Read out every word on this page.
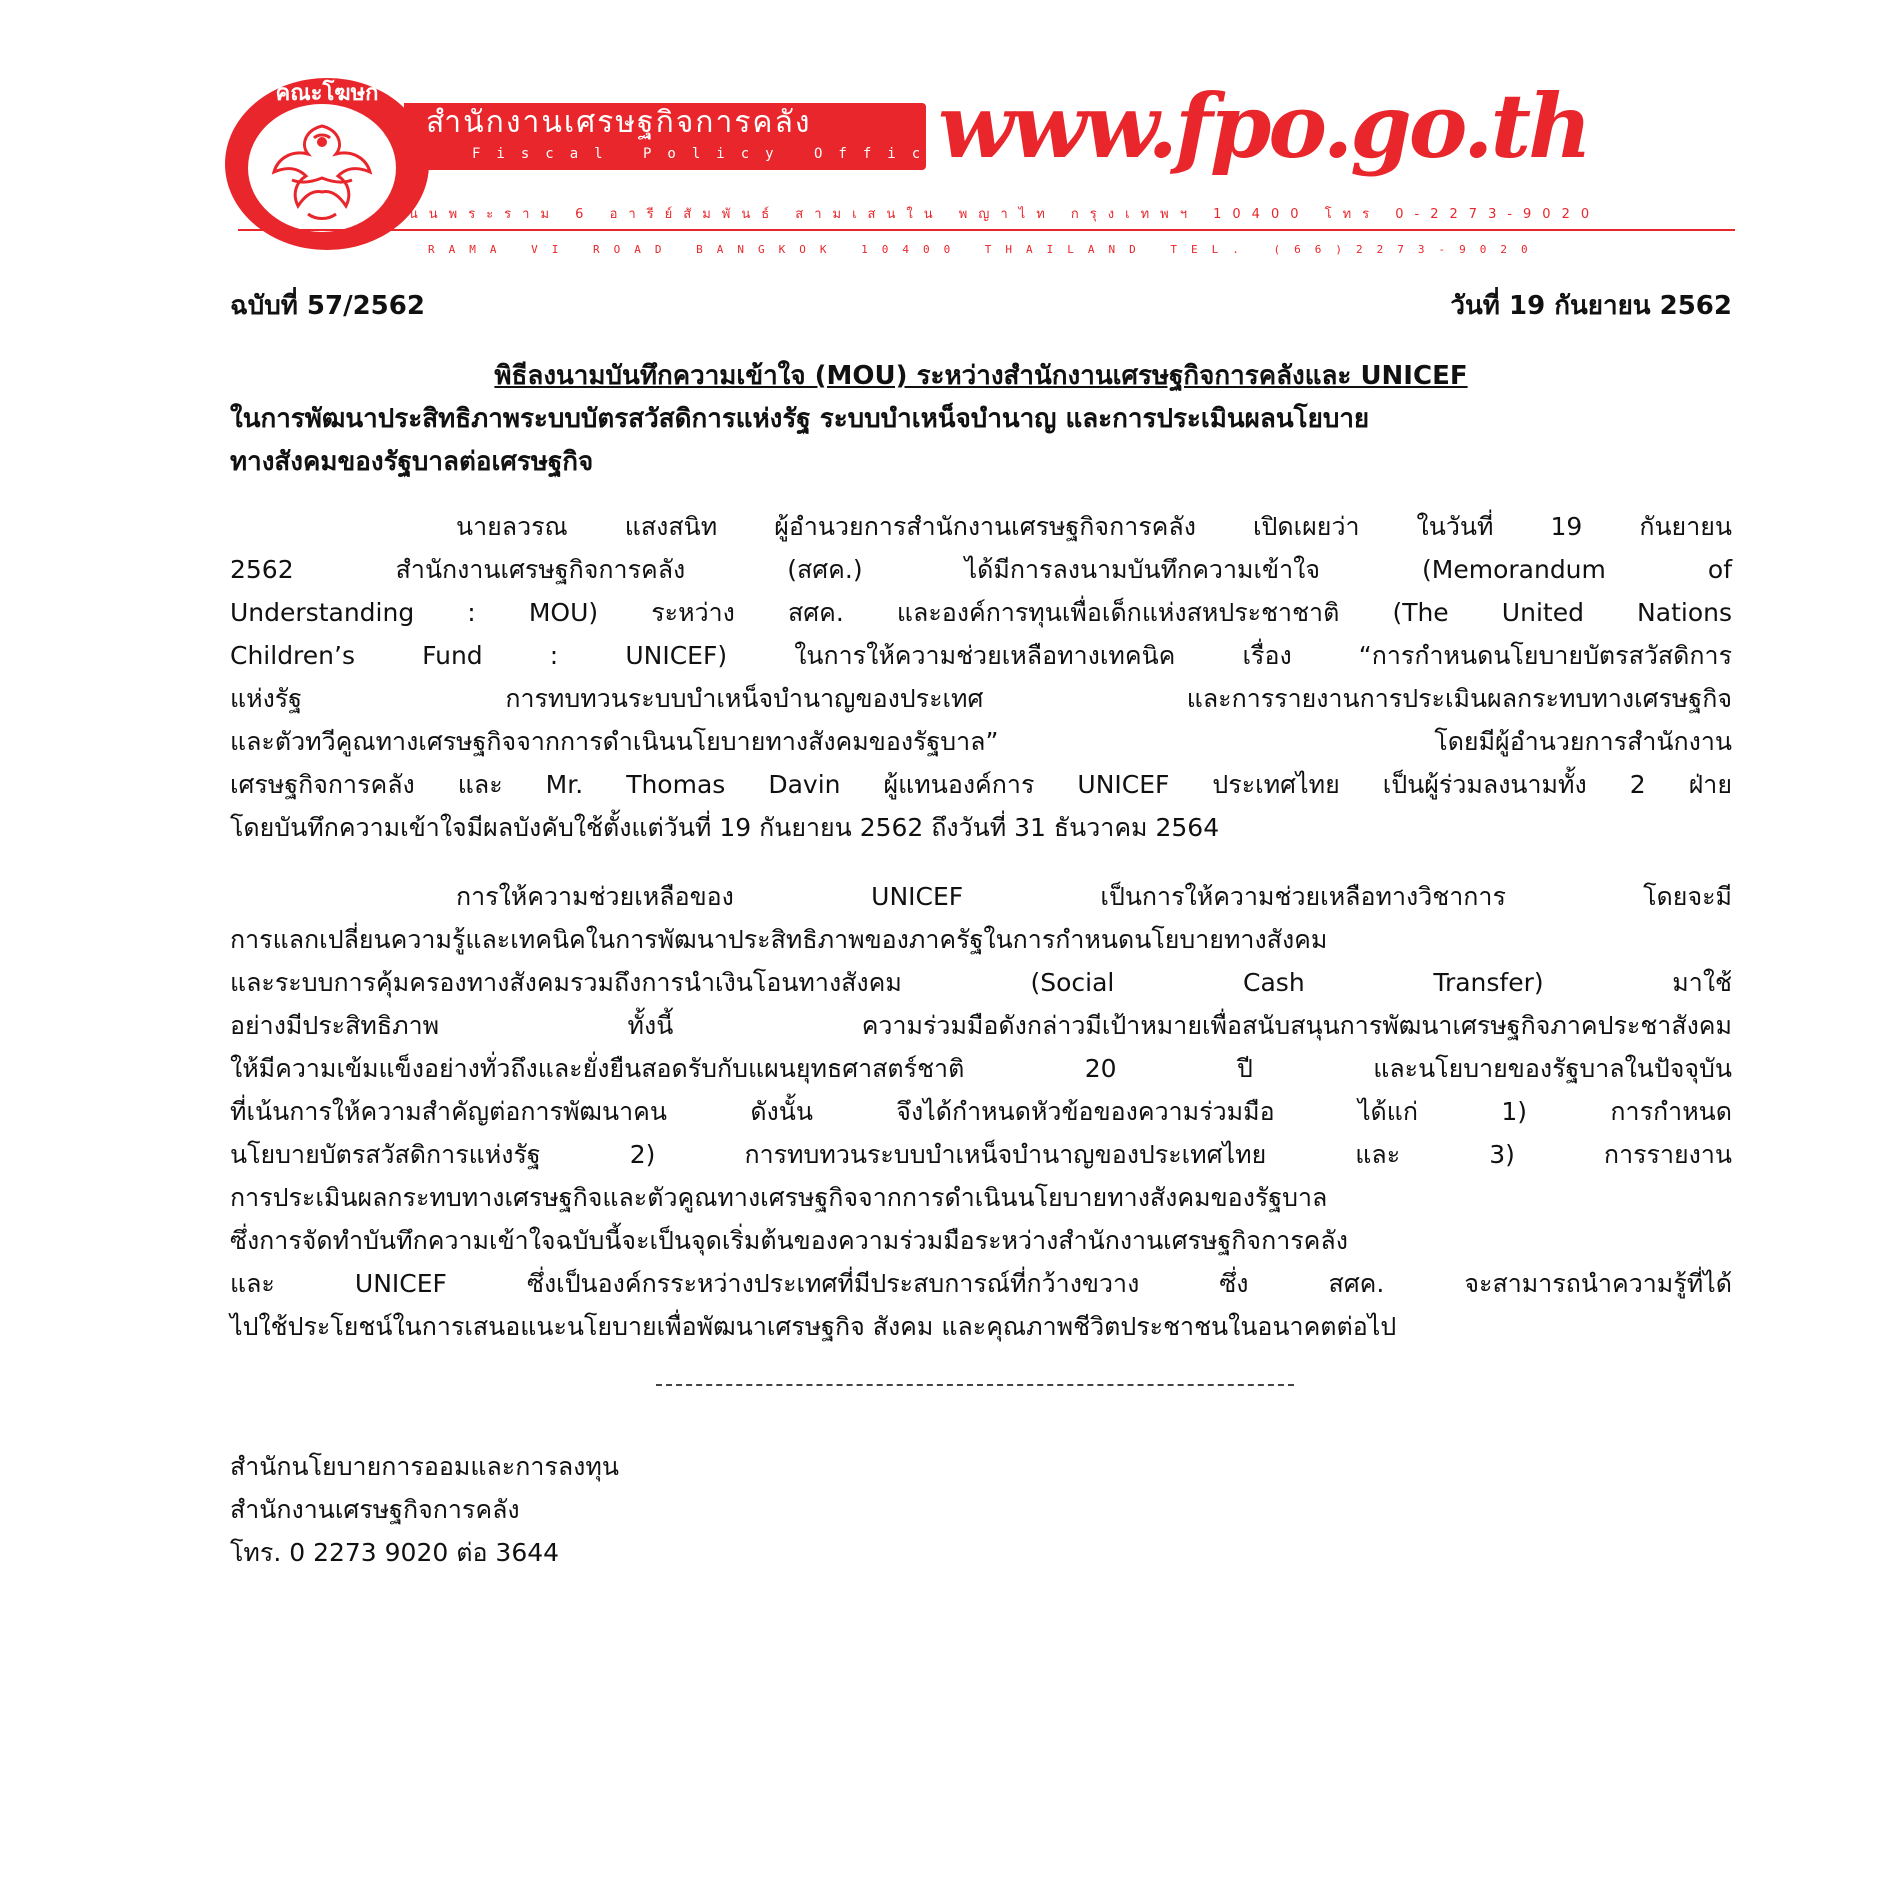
สำนักงานเศรษฐกิจการคลัง
Fiscal Policy Office
คณะโฆษก	www.fpo.go.th
ถนนพระราม 6 อารีย์สัมพันธ์ สามเสนใน พญาไท กรุงเทพฯ 10400 โทร 0-2273-9020
RAMA VI ROAD BANGKOK 10400 THAILAND TEL. (66)2273-9020
ฉบับที่ 57/2562	วันที่ 19 กันยายน 2562
พิธีลงนามบันทึกความเข้าใจ (MOU) ระหว่างสำนักงานเศรษฐกิจการคลังและ UNICEF
ในการพัฒนาประสิทธิภาพระบบบัตรสวัสดิการแห่งรัฐ ระบบบำเหน็จบำนาญ และการประเมินผลนโยบาย
ทางสังคมของรัฐบาลต่อเศรษฐกิจ
นายลวรณ แสงสนิท ผู้อำนวยการสำนักงานเศรษฐกิจการคลัง เปิดเผยว่า ในวันที่ 19 กันยายน
2562 สำนักงานเศรษฐกิจการคลัง (สศค.) ได้มีการลงนามบันทึกความเข้าใจ (Memorandum of
Understanding : MOU) ระหว่าง สศค. และองค์การทุนเพื่อเด็กแห่งสหประชาชาติ (The United Nations
Children’s Fund : UNICEF) ในการให้ความช่วยเหลือทางเทคนิค เรื่อง “การกำหนดนโยบายบัตรสวัสดิการ
แห่งรัฐ การทบทวนระบบบำเหน็จบำนาญของประเทศ และการรายงานการประเมินผลกระทบทางเศรษฐกิจ
และตัวทวีคูณทางเศรษฐกิจจากการดำเนินนโยบายทางสังคมของรัฐบาล” โดยมีผู้อำนวยการสำนักงาน
เศรษฐกิจการคลัง และ Mr. Thomas Davin ผู้แทนองค์การ UNICEF ประเทศไทย เป็นผู้ร่วมลงนามทั้ง 2 ฝ่าย
โดยบันทึกความเข้าใจมีผลบังคับใช้ตั้งแต่วันที่ 19 กันยายน 2562 ถึงวันที่ 31 ธันวาคม 2564
การให้ความช่วยเหลือของ UNICEF เป็นการให้ความช่วยเหลือทางวิชาการ โดยจะมี
การแลกเปลี่ยนความรู้และเทคนิคในการพัฒนาประสิทธิภาพของภาครัฐในการกำหนดนโยบายทางสังคม
และระบบการคุ้มครองทางสังคมรวมถึงการนำเงินโอนทางสังคม (Social Cash Transfer) มาใช้
อย่างมีประสิทธิภาพ ทั้งนี้ ความร่วมมือดังกล่าวมีเป้าหมายเพื่อสนับสนุนการพัฒนาเศรษฐกิจภาคประชาสังคม
ให้มีความเข้มแข็งอย่างทั่วถึงและยั่งยืนสอดรับกับแผนยุทธศาสตร์ชาติ 20 ปี และนโยบายของรัฐบาลในปัจจุบัน
ที่เน้นการให้ความสำคัญต่อการพัฒนาคน ดังนั้น จึงได้กำหนดหัวข้อของความร่วมมือ ได้แก่ 1) การกำหนด
นโยบายบัตรสวัสดิการแห่งรัฐ 2) การทบทวนระบบบำเหน็จบำนาญของประเทศไทย และ 3) การรายงาน
การประเมินผลกระทบทางเศรษฐกิจและตัวคูณทางเศรษฐกิจจากการดำเนินนโยบายทางสังคมของรัฐบาล
ซึ่งการจัดทำบันทึกความเข้าใจฉบับนี้จะเป็นจุดเริ่มต้นของความร่วมมือระหว่างสำนักงานเศรษฐกิจการคลัง
และ UNICEF ซึ่งเป็นองค์กรระหว่างประเทศที่มีประสบการณ์ที่กว้างขวาง ซึ่ง สศค. จะสามารถนำความรู้ที่ได้
ไปใช้ประโยชน์ในการเสนอแนะนโยบายเพื่อพัฒนาเศรษฐกิจ สังคม และคุณภาพชีวิตประชาชนในอนาคตต่อไป
สำนักนโยบายการออมและการลงทุน
สำนักงานเศรษฐกิจการคลัง
โทร. 0 2273 9020 ต่อ 3644
